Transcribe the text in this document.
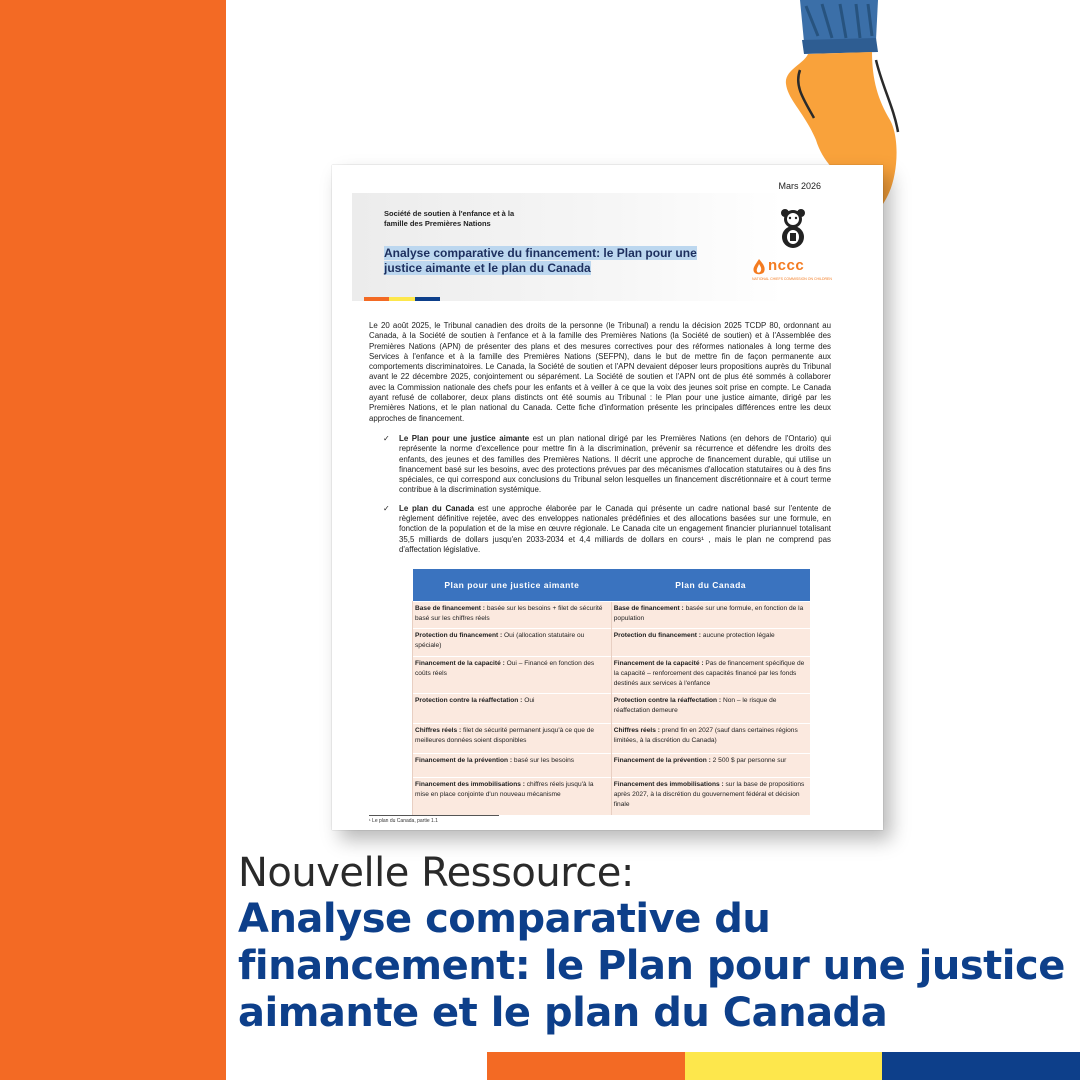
Mars 2026
Société de soutien à l'enfance et à la famille des Premières Nations
Analyse comparative du financement: le Plan pour une justice aimante et le plan du Canada	nccc
NATIONAL CHIEFS COMMISSION ON CHILDREN
Le 20 août 2025, le Tribunal canadien des droits de la personne (le Tribunal) a rendu la décision 2025 TCDP 80, ordonnant au Canada, à la Société de soutien à l'enfance et à la famille des Premières Nations (la Société de soutien) et à l'Assemblée des Premières Nations (APN) de présenter des plans et des mesures correctives pour des réformes nationales à long terme des Services à l'enfance et à la famille des Premières Nations (SEFPN), dans le but de mettre fin de façon permanente aux comportements discriminatoires. Le Canada, la Société de soutien et l'APN devaient déposer leurs propositions auprès du Tribunal avant le 22 décembre 2025, conjointement ou séparément. La Société de soutien et l'APN ont de plus été sommés à collaborer avec la Commission nationale des chefs pour les enfants et à veiller à ce que la voix des jeunes soit prise en compte. Le Canada ayant refusé de collaborer, deux plans distincts ont été soumis au Tribunal : le Plan pour une justice aimante, dirigé par les Premières Nations, et le plan national du Canada. Cette fiche d'information présente les principales différences entre les deux approches de financement.
✓ Le Plan pour une justice aimante est un plan national dirigé par les Premières Nations (en dehors de l'Ontario) qui représente la norme d'excellence pour mettre fin à la discrimination, prévenir sa récurrence et défendre les droits des enfants, des jeunes et des familles des Premières Nations. Il décrit une approche de financement durable, qui utilise un financement basé sur les besoins, avec des protections prévues par des mécanismes d'allocation statutaires ou à des fins spéciales, ce qui correspond aux conclusions du Tribunal selon lesquelles un financement discrétionnaire et à court terme contribue à la discrimination systémique.
✓ Le plan du Canada est une approche élaborée par le Canada qui présente un cadre national basé sur l'entente de règlement définitive rejetée, avec des enveloppes nationales prédéfinies et des allocations basées sur une formule, en fonction de la population et de la mise en œuvre régionale. Le Canada cite un engagement financier pluriannuel totalisant 35,5 milliards de dollars jusqu'en 2033-2034 et 4,4 milliards de dollars en cours¹ , mais le plan ne comprend pas d'affectation législative.
Plan pour une justice aimante	Plan du Canada
Base de financement : basée sur les besoins + filet de sécurité basé sur les chiffres réels	Base de financement : basée sur une formule, en fonction de la population
Protection du financement : Oui (allocation statutaire ou spéciale)	Protection du financement : aucune protection légale
Financement de la capacité : Oui – Financé en fonction des coûts réels	Financement de la capacité : Pas de financement spécifique de la capacité – renforcement des capacités financé par les fonds destinés aux services à l'enfance
Protection contre la réaffectation : Oui	Protection contre la réaffectation : Non – le risque de réaffectation demeure
Chiffres réels : filet de sécurité permanent jusqu'à ce que de meilleures données soient disponibles	Chiffres réels : prend fin en 2027 (sauf dans certaines régions limitées, à la discrétion du Canada)
Financement de la prévention : basé sur les besoins	Financement de la prévention : 2 500 $ par personne sur
Financement des immobilisations : chiffres réels jusqu'à la mise en place conjointe d'un nouveau mécanisme	Financement des immobilisations : sur la base de propositions après 2027, à la discrétion du gouvernement fédéral et décision finale
¹ Le plan du Canada, partie 1.1
Nouvelle Ressource:
Analyse comparative du financement: le Plan pour une justice aimante et le plan du Canada
